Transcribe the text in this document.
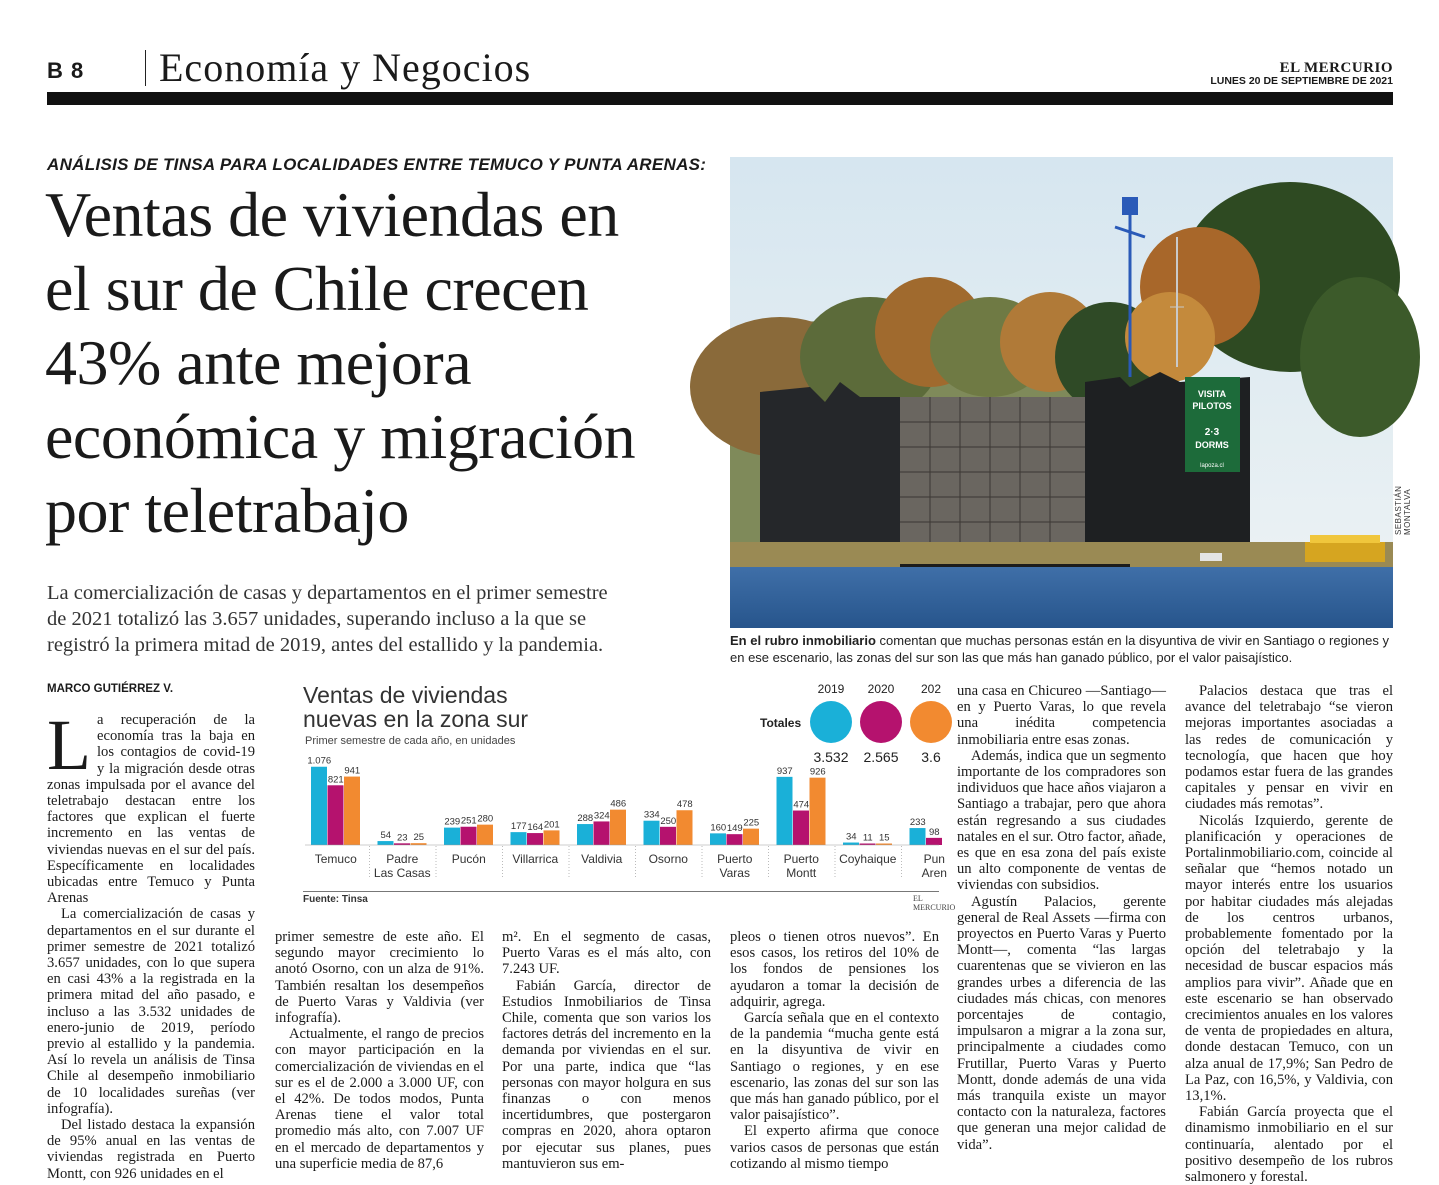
B 8 Economía y Negocios	EL MERCURIO
LUNES 20 DE SEPTIEMBRE DE 2021
ANÁLISIS DE TINSA PARA LOCALIDADES ENTRE TEMUCO Y PUNTA ARENAS:
Ventas de viviendas en
el sur de Chile crecen
43% ante mejora
económica y migración
por teletrabajo
La comercialización de casas y departamentos en el primer semestre
de 2021 totalizó las 3.657 unidades, superando incluso a la que se
registró la primera mitad de 2019, antes del estallido y la pandemia.
VISITA
PILOTOS
2·3
DORMS
lapoza.cl
SEBASTIÁN MONTALVA
En el rubro inmobiliario comentan que muchas personas están en la disyuntiva de vivir en Santiago o regiones y en ese escenario, las zonas del sur son las que más han ganado público, por el valor paisajístico.
MARCO GUTIÉRREZ V.	Ventas de viviendas
nuevas en la zona sur
Primer semestre de cada año, en unidades
1.076
821
941
Temuco
54 23 25
Padre
Las Casas
239 251 280
Pucón
177 164 201
Villarrica
288 324
486
Valdivia
334
250
478
Osorno
160 149
225
Puerto
Varas
937
474
926
Puerto
Montt
34 11 15
Coyhaique
233
98
Pun
Aren
Totales
2019
3.532
2020
2.565
202
3.6
Fuente: Tinsa	EL MERCURIO

La recuperación de la economía tras la baja en los contagios de covid-19 y la migración desde otras zonas impulsada por el avance del teletrabajo destacan entre los factores que explican el fuerte incremento en las ventas de viviendas nuevas en el sur del país. Específicamente en localidades ubicadas entre Temuco y Punta Arenas

La comercialización de casas y departamentos en el sur durante el primer semestre de 2021 totalizó 3.657 unidades, con lo que supera en casi 43% a la registrada en la primera mitad del año pasado, e incluso a las 3.532 unidades de enero-junio de 2019, período previo al estallido y la pandemia. Así lo revela un análisis de Tinsa Chile al desempeño inmobiliario de 10 localidades sureñas (ver infografía).

Del listado destaca la expansión de 95% anual en las ventas de viviendas registrada en Puerto Montt, con 926 unidades en el

primer semestre de este año. El segundo mayor crecimiento lo anotó Osorno, con un alza de 91%. También resaltan los desempeños de Puerto Varas y Valdivia (ver infografía).

Actualmente, el rango de precios con mayor participación en la comercialización de viviendas en el sur es el de 2.000 a 3.000 UF, con el 42%. De todos modos, Punta Arenas tiene el valor total promedio más alto, con 7.007 UF en el mercado de departamentos y una superficie media de 87,6

m². En el segmento de casas, Puerto Varas es el más alto, con 7.243 UF.

Fabián García, director de Estudios Inmobiliarios de Tinsa Chile, comenta que son varios los factores detrás del incremento en la demanda por viviendas en el sur. Por una parte, indica que “las personas con mayor holgura en sus finanzas o con menos incertidumbres, que postergaron compras en 2020, ahora optaron por ejecutar sus planes, pues mantuvieron sus em-

pleos o tienen otros nuevos”. En esos casos, los retiros del 10% de los fondos de pensiones los ayudaron a tomar la decisión de adquirir, agrega.

García señala que en el contexto de la pandemia “mucha gente está en la disyuntiva de vivir en Santiago o regiones, y en ese escenario, las zonas del sur son las que más han ganado público, por el valor paisajístico”.

El experto afirma que conoce varios casos de personas que están cotizando al mismo tiempo

una casa en Chicureo —Santiago— en y Puerto Varas, lo que revela una inédita competencia inmobiliaria entre esas zonas.

Además, indica que un segmento importante de los compradores son individuos que hace años viajaron a Santiago a trabajar, pero que ahora están regresando a sus ciudades natales en el sur. Otro factor, añade, es que en esa zona del país existe un alto componente de ventas de viviendas con subsidios.

Agustín Palacios, gerente general de Real Assets —firma con proyectos en Puerto Varas y Puerto Montt—, comenta “las largas cuarentenas que se vivieron en las grandes urbes a diferencia de las ciudades más chicas, con menores porcentajes de contagio, impulsaron a migrar a la zona sur, principalmente a ciudades como Frutillar, Puerto Varas y Puerto Montt, donde además de una vida más tranquila existe un mayor contacto con la naturaleza, factores que generan una mejor calidad de vida”.

Palacios destaca que tras el avance del teletrabajo “se vieron mejoras importantes asociadas a las redes de comunicación y tecnología, que hacen que hoy podamos estar fuera de las grandes capitales y pensar en vivir en ciudades más remotas”.

Nicolás Izquierdo, gerente de planificación y operaciones de Portalinmobiliario.com, coincide al señalar que “hemos notado un mayor interés entre los usuarios por habitar ciudades más alejadas de los centros urbanos, probablemente fomentado por la opción del teletrabajo y la necesidad de buscar espacios más amplios para vivir”. Añade que en este escenario se han observado crecimientos anuales en los valores de venta de propiedades en altura, donde destacan Temuco, con un alza anual de 17,9%; San Pedro de La Paz, con 16,5%, y Valdivia, con 13,1%.

Fabián García proyecta que el dinamismo inmobiliario en el sur continuaría, alentado por el positivo desempeño de los rubros salmonero y forestal.
